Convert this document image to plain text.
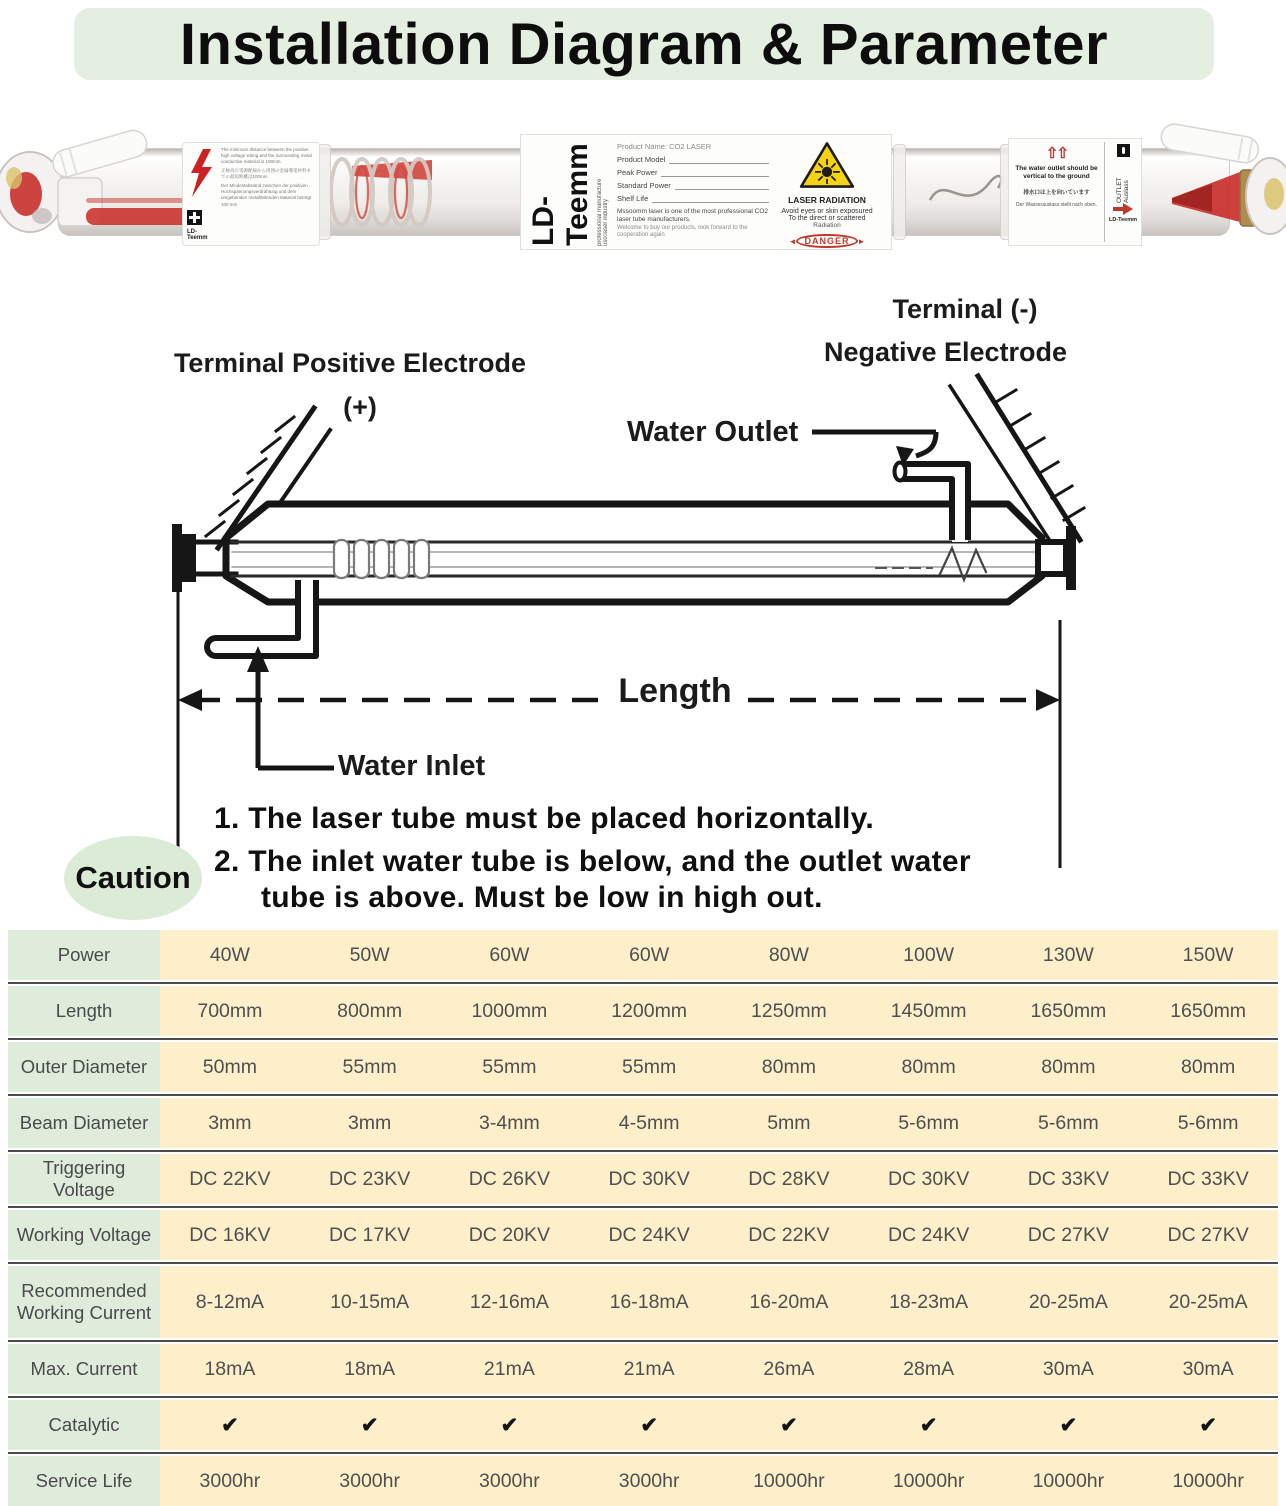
Installation Diagram & Parameter
LD-Teemm
The minimum distance between the positive high voltage wiring and the surrounding metal conductive material is 100mm
正極高圧電源配線から周囲の金属導電材料までの最短距離は100mm
Der Mindestabstand zwischen der positiven Hochspannungsverdrahtung und dem umgebenden metallleitenden Material beträgt 100 mm	LD-Teemm professional manufacture uso:laser industry
Product Name: CO2 LASER
Product Model
Peak Power
Standard Power
Shelf Life
Mssoomm laser is one of the most professional CO2 laser tube manufacturers.
Welcome to buy our products, look forward to the cooperation again
LASER RADIATION
Avoid eyes or skin exposured
To the direct or scattered
Radiation
◄ DANGER ►
⇧⇧
The water outlet should be vertical to the ground
排水口は上を向いています
Der Wasserauslass stellt nach oben.
OUTLET Auslass
LD-Teemm
Terminal Positive Electrode
(+)
Terminal (-)
Negative Electrode
Water Outlet
Length
Water Inlet
Caution
1. The laser tube must be placed horizontally.
2. The inlet water tube is below, and the outlet water
tube is above. Must be low in high out.
Power	40W	50W	60W	60W	80W	100W	130W	150W
Length	700mm	800mm	1000mm	1200mm	1250mm	1450mm	1650mm	1650mm
Outer Diameter	50mm	55mm	55mm	55mm	80mm	80mm	80mm	80mm
Beam Diameter	3mm	3mm	3-4mm	4-5mm	5mm	5-6mm	5-6mm	5-6mm
Triggering Voltage	DC 22KV	DC 23KV	DC 26KV	DC 30KV	DC 28KV	DC 30KV	DC 33KV	DC 33KV
Working Voltage	DC 16KV	DC 17KV	DC 20KV	DC 24KV	DC 22KV	DC 24KV	DC 27KV	DC 27KV
Recommended Working Current	8-12mA	10-15mA	12-16mA	16-18mA	16-20mA	18-23mA	20-25mA	20-25mA
Max. Current	18mA	18mA	21mA	21mA	26mA	28mA	30mA	30mA
Catalytic	✔	✔	✔	✔	✔	✔	✔	✔
Service Life	3000hr	3000hr	3000hr	3000hr	10000hr	10000hr	10000hr	10000hr
